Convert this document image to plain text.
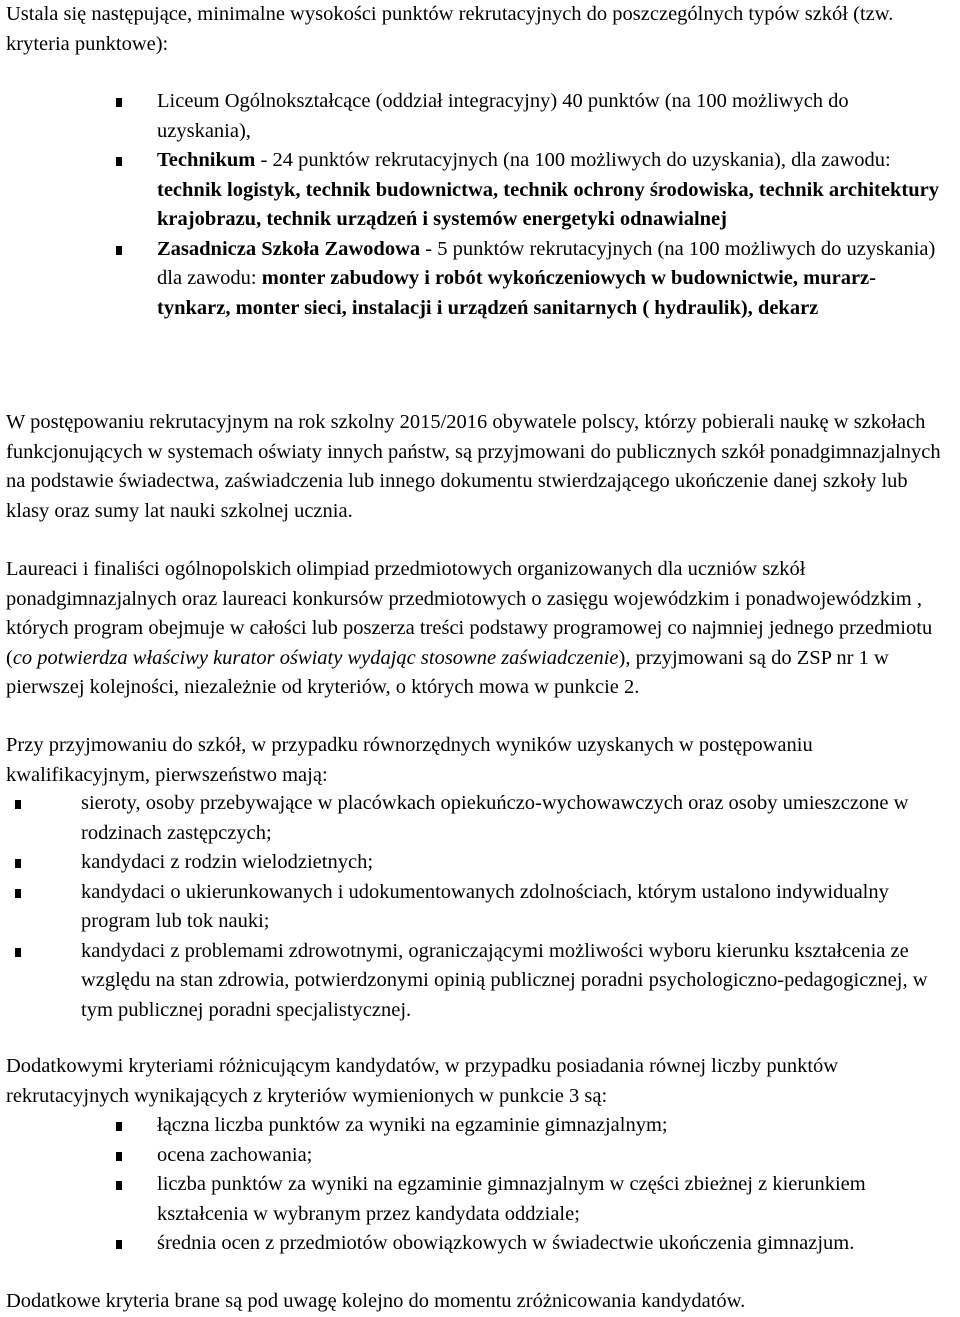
Ustala się następujące, minimalne wysokości punktów rekrutacyjnych do poszczególnych typów szkół (tzw. kryteria punktowe):

Liceum Ogólnokształcące (oddział integracyjny) 40 punktów (na 100 możliwych do uzyskania),
Technikum - 24 punktów rekrutacyjnych (na 100 możliwych do uzyskania), dla zawodu: technik logistyk, technik budownictwa, technik ochrony środowiska, technik architektury krajobrazu, technik urządzeń i systemów energetyki odnawialnej
Zasadnicza Szkoła Zawodowa - 5 punktów rekrutacyjnych (na 100 możliwych do uzyskania) dla zawodu: monter zabudowy i robót wykończeniowych w budownictwie, murarz-tynkarz, monter sieci, instalacji i urządzeń sanitarnych ( hydraulik), dekarz

W postępowaniu rekrutacyjnym na rok szkolny 2015/2016 obywatele polscy, którzy pobierali naukę w szkołach funkcjonujących w systemach oświaty innych państw, są przyjmowani do publicznych szkół ponadgimnazjalnych na podstawie świadectwa, zaświadczenia lub innego dokumentu stwierdzającego ukończenie danej szkoły lub klasy oraz sumy lat nauki szkolnej ucznia.

Laureaci i finaliści ogólnopolskich olimpiad przedmiotowych organizowanych dla uczniów szkół ponadgimnazjalnych oraz laureaci konkursów przedmiotowych o zasięgu wojewódzkim i ponadwojewódzkim , których program obejmuje w całości lub poszerza treści podstawy programowej co najmniej jednego przedmiotu (co potwierdza właściwy kurator oświaty wydając stosowne zaświadczenie), przyjmowani są do ZSP nr 1 w pierwszej kolejności, niezależnie od kryteriów, o których mowa w punkcie 2.

Przy przyjmowaniu do szkół, w przypadku równorzędnych wyników uzyskanych w postępowaniu kwalifikacyjnym, pierwszeństwo mają:

sieroty, osoby przebywające w placówkach opiekuńczo-wychowawczych oraz osoby umieszczone w rodzinach zastępczych;
kandydaci z rodzin wielodzietnych;
kandydaci o ukierunkowanych i udokumentowanych zdolnościach, którym ustalono indywidualny program lub tok nauki;
kandydaci z problemami zdrowotnymi, ograniczającymi możliwości wyboru kierunku kształcenia ze względu na stan zdrowia, potwierdzonymi opinią publicznej poradni psychologiczno-pedagogicznej, w tym publicznej poradni specjalistycznej.

Dodatkowymi kryteriami różnicującym kandydatów, w przypadku posiadania równej liczby punktów rekrutacyjnych wynikających z kryteriów wymienionych w punkcie 3 są:

łączna liczba punktów za wyniki na egzaminie gimnazjalnym;
ocena zachowania;
liczba punktów za wyniki na egzaminie gimnazjalnym w części zbieżnej z kierunkiem kształcenia w wybranym przez kandydata oddziale;
średnia ocen z przedmiotów obowiązkowych w świadectwie ukończenia gimnazjum.

Dodatkowe kryteria brane są pod uwagę kolejno do momentu zróżnicowania kandydatów.
